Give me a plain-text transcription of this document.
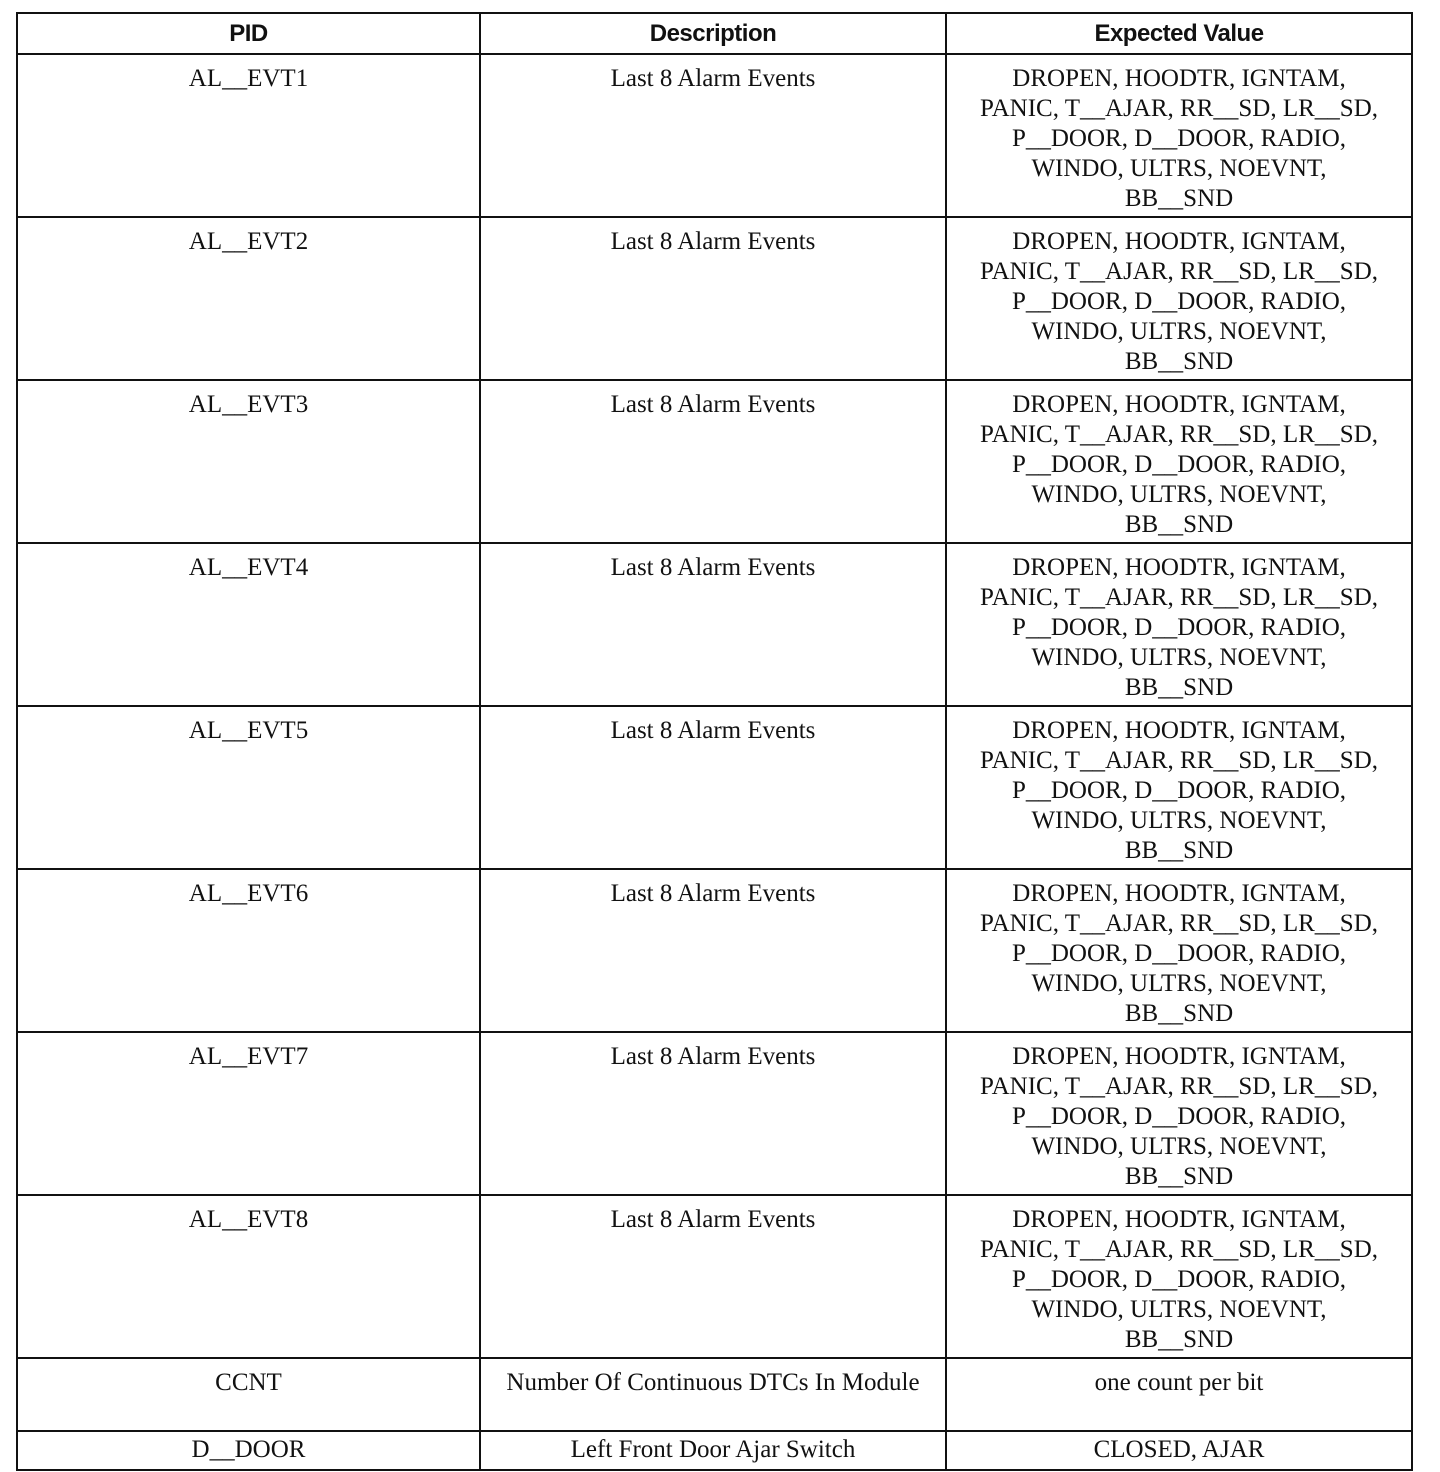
PID	Description	Expected Value
AL__EVT1	Last 8 Alarm Events	DROPEN, HOODTR, IGNTAM,
PANIC, T__AJAR, RR__SD, LR__SD,
P__DOOR, D__DOOR, RADIO,
WINDO, ULTRS, NOEVNT,
BB__SND

AL__EVT2	Last 8 Alarm Events	DROPEN, HOODTR, IGNTAM,
PANIC, T__AJAR, RR__SD, LR__SD,
P__DOOR, D__DOOR, RADIO,
WINDO, ULTRS, NOEVNT,
BB__SND

AL__EVT3	Last 8 Alarm Events	DROPEN, HOODTR, IGNTAM,
PANIC, T__AJAR, RR__SD, LR__SD,
P__DOOR, D__DOOR, RADIO,
WINDO, ULTRS, NOEVNT,
BB__SND

AL__EVT4	Last 8 Alarm Events	DROPEN, HOODTR, IGNTAM,
PANIC, T__AJAR, RR__SD, LR__SD,
P__DOOR, D__DOOR, RADIO,
WINDO, ULTRS, NOEVNT,
BB__SND

AL__EVT5	Last 8 Alarm Events	DROPEN, HOODTR, IGNTAM,
PANIC, T__AJAR, RR__SD, LR__SD,
P__DOOR, D__DOOR, RADIO,
WINDO, ULTRS, NOEVNT,
BB__SND

AL__EVT6	Last 8 Alarm Events	DROPEN, HOODTR, IGNTAM,
PANIC, T__AJAR, RR__SD, LR__SD,
P__DOOR, D__DOOR, RADIO,
WINDO, ULTRS, NOEVNT,
BB__SND

AL__EVT7	Last 8 Alarm Events	DROPEN, HOODTR, IGNTAM,
PANIC, T__AJAR, RR__SD, LR__SD,
P__DOOR, D__DOOR, RADIO,
WINDO, ULTRS, NOEVNT,
BB__SND

AL__EVT8	Last 8 Alarm Events	DROPEN, HOODTR, IGNTAM,
PANIC, T__AJAR, RR__SD, LR__SD,
P__DOOR, D__DOOR, RADIO,
WINDO, ULTRS, NOEVNT,
BB__SND

CCNT	Number Of Continuous DTCs In Module	one count per bit

D__DOOR	Left Front Door Ajar Switch	CLOSED, AJAR
